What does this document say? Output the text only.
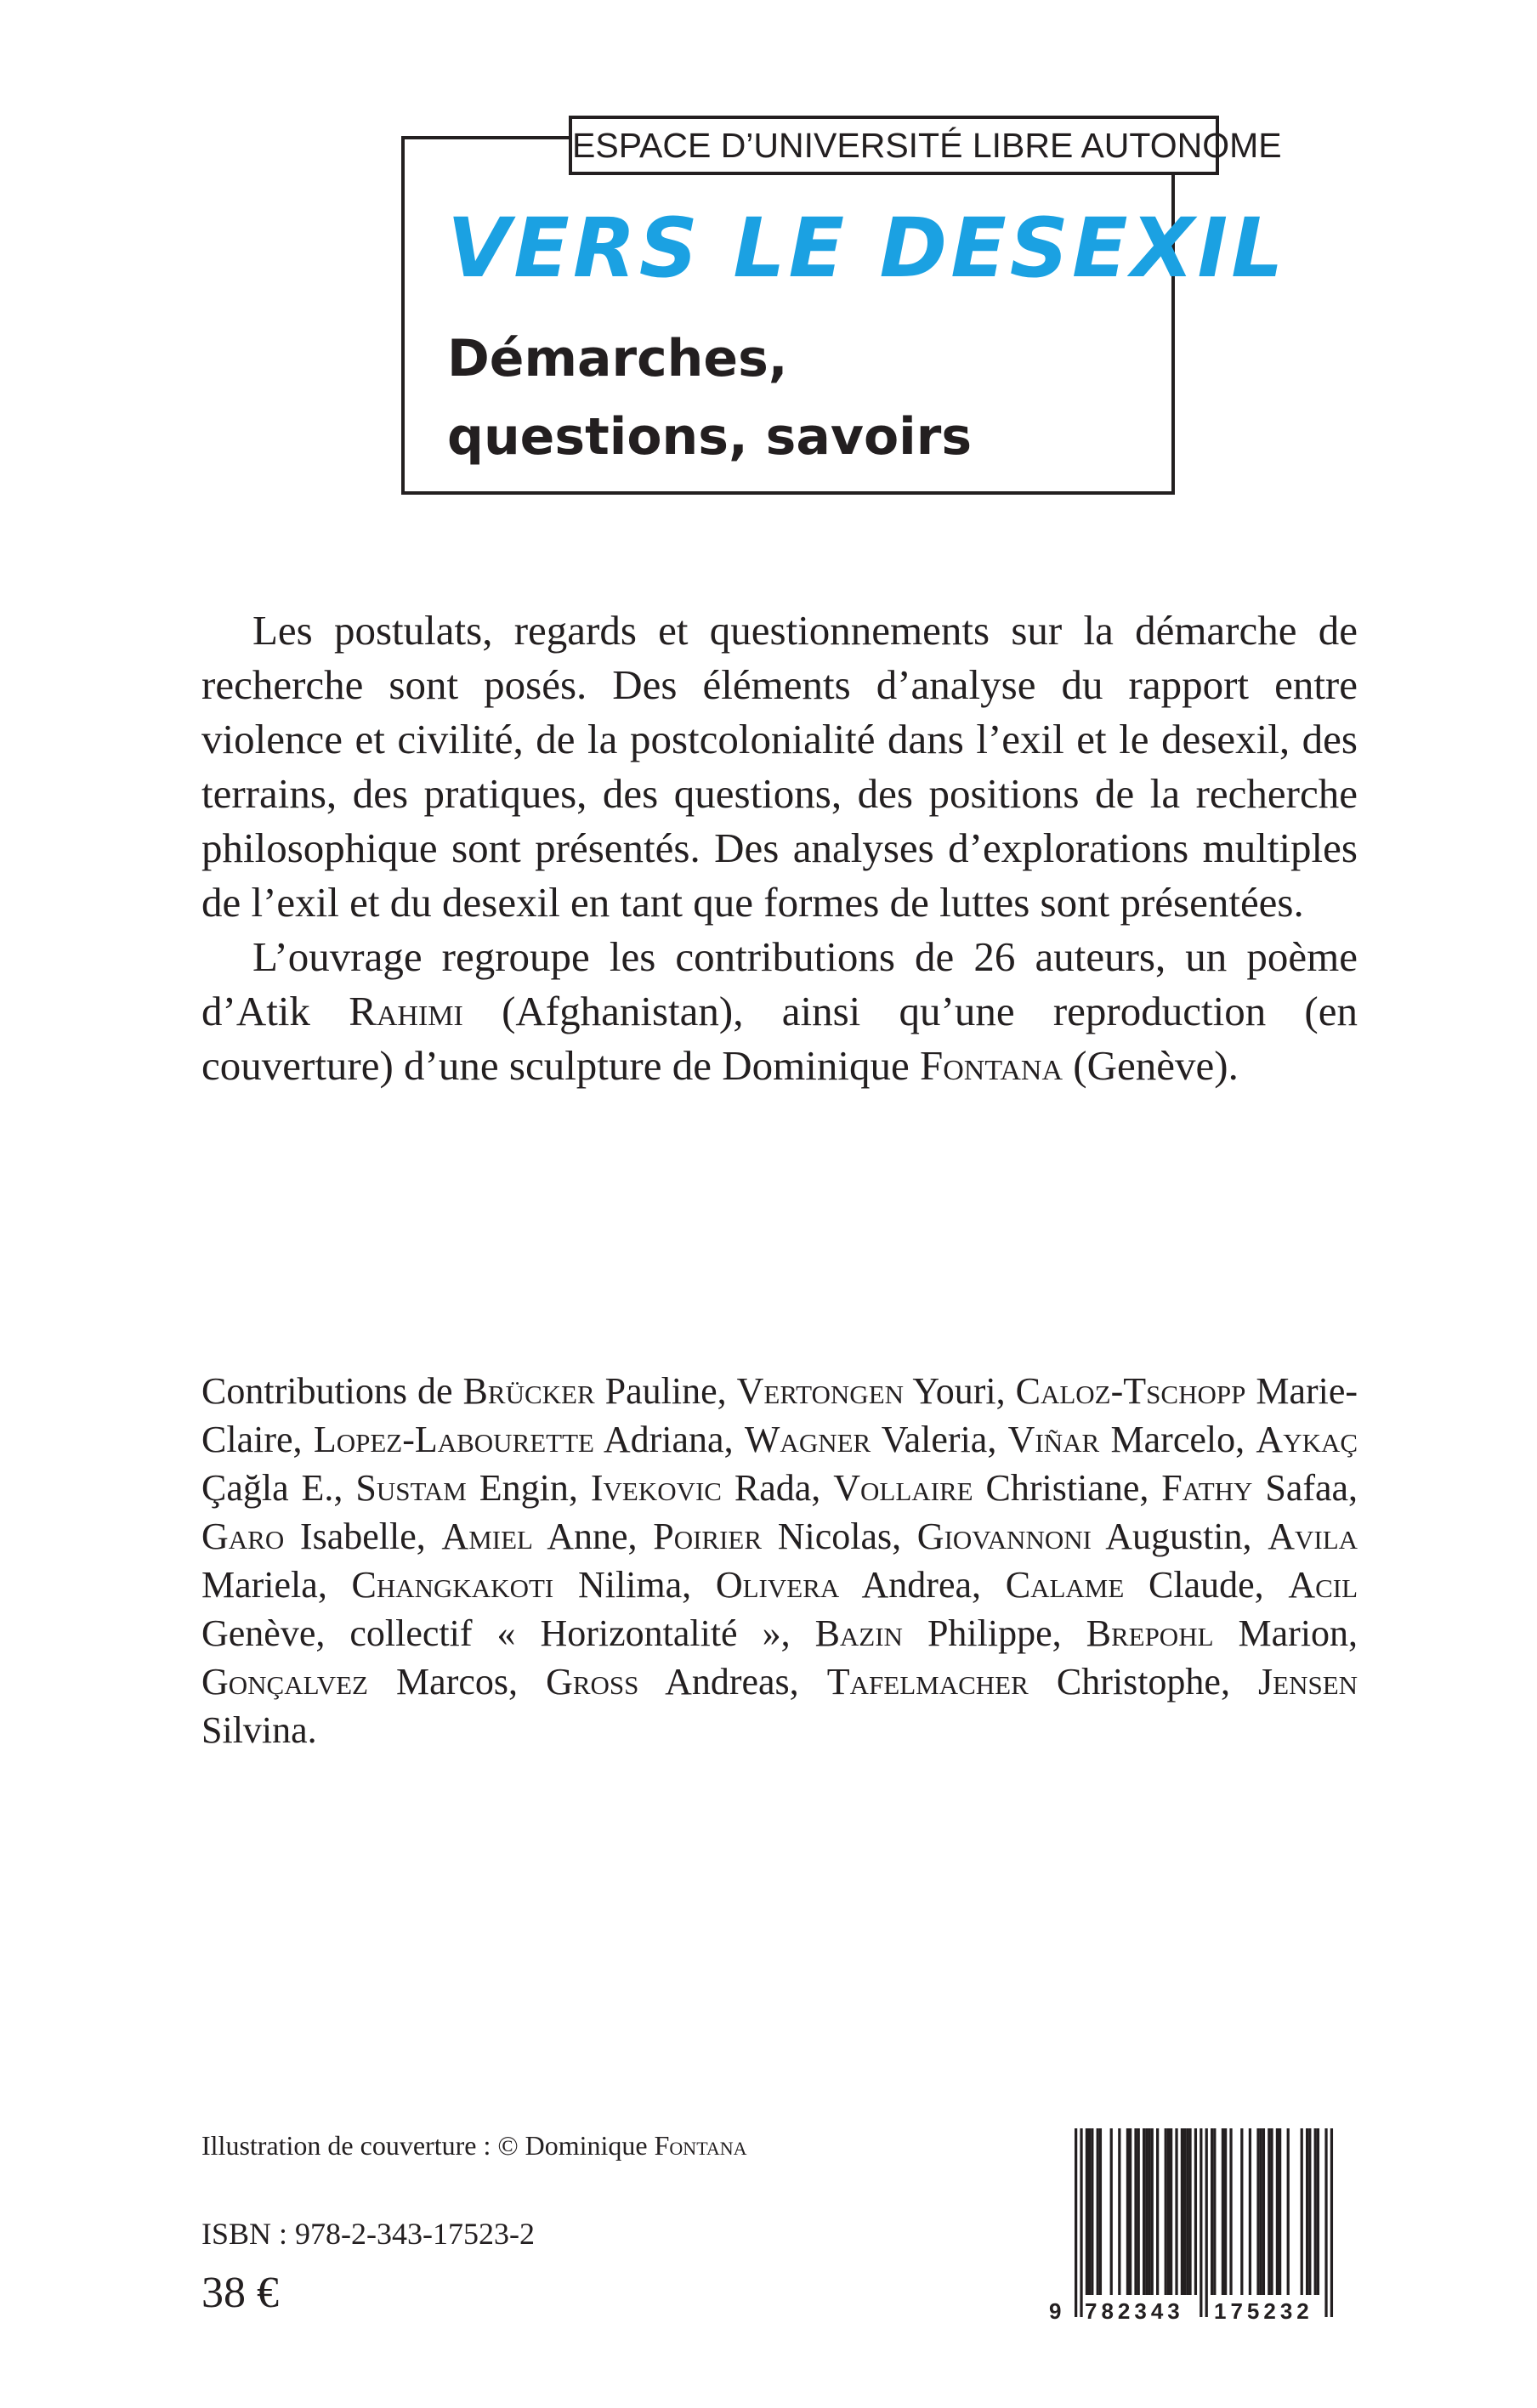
VERS LE DESEXIL
Démarches,
questions, savoirs
ESPACE D’UNIVERSITÉ LIBRE AUTONOME

Les postulats, regards et questionnements sur la démarche de recherche sont posés. Des éléments d’analyse du rapport entre violence et civilité, de la postcolonialité dans l’exil et le desexil, des terrains, des pratiques, des questions, des positions de la recherche philosophique sont présentés. Des analyses d’explorations multiples de l’exil et du desexil en tant que formes de luttes sont présentées.

L’ouvrage regroupe les contributions de 26 auteurs, un poème d’Atik Rahimi (Afghanistan), ainsi qu’une reproduction (en couverture) d’une sculpture de Dominique Fontana (Genève).

Contributions de Brücker Pauline, Vertongen Youri, Caloz-Tschopp Marie-Claire, Lopez-Labourette Adriana, Wagner Valeria, Viñar Marcelo, Aykaç Çağla E., Sustam Engin, Ivekovic Rada, Vollaire Christiane, Fathy Safaa, Garo Isabelle, Amiel Anne, Poirier Nicolas, Giovannoni Augustin, Avila Mariela, Changkakoti Nilima, Olivera Andrea, Calame Claude, Acil Genève, collectif « Horizontalité », Bazin Philippe, Brepohl Marion, Gonçalvez Marcos, Gross Andreas, Tafelmacher Christophe, Jensen Silvina.

Illustration de couverture : © Dominique Fontana
ISBN : 978-2-343-17523-2
38 €	9 782343 175232
